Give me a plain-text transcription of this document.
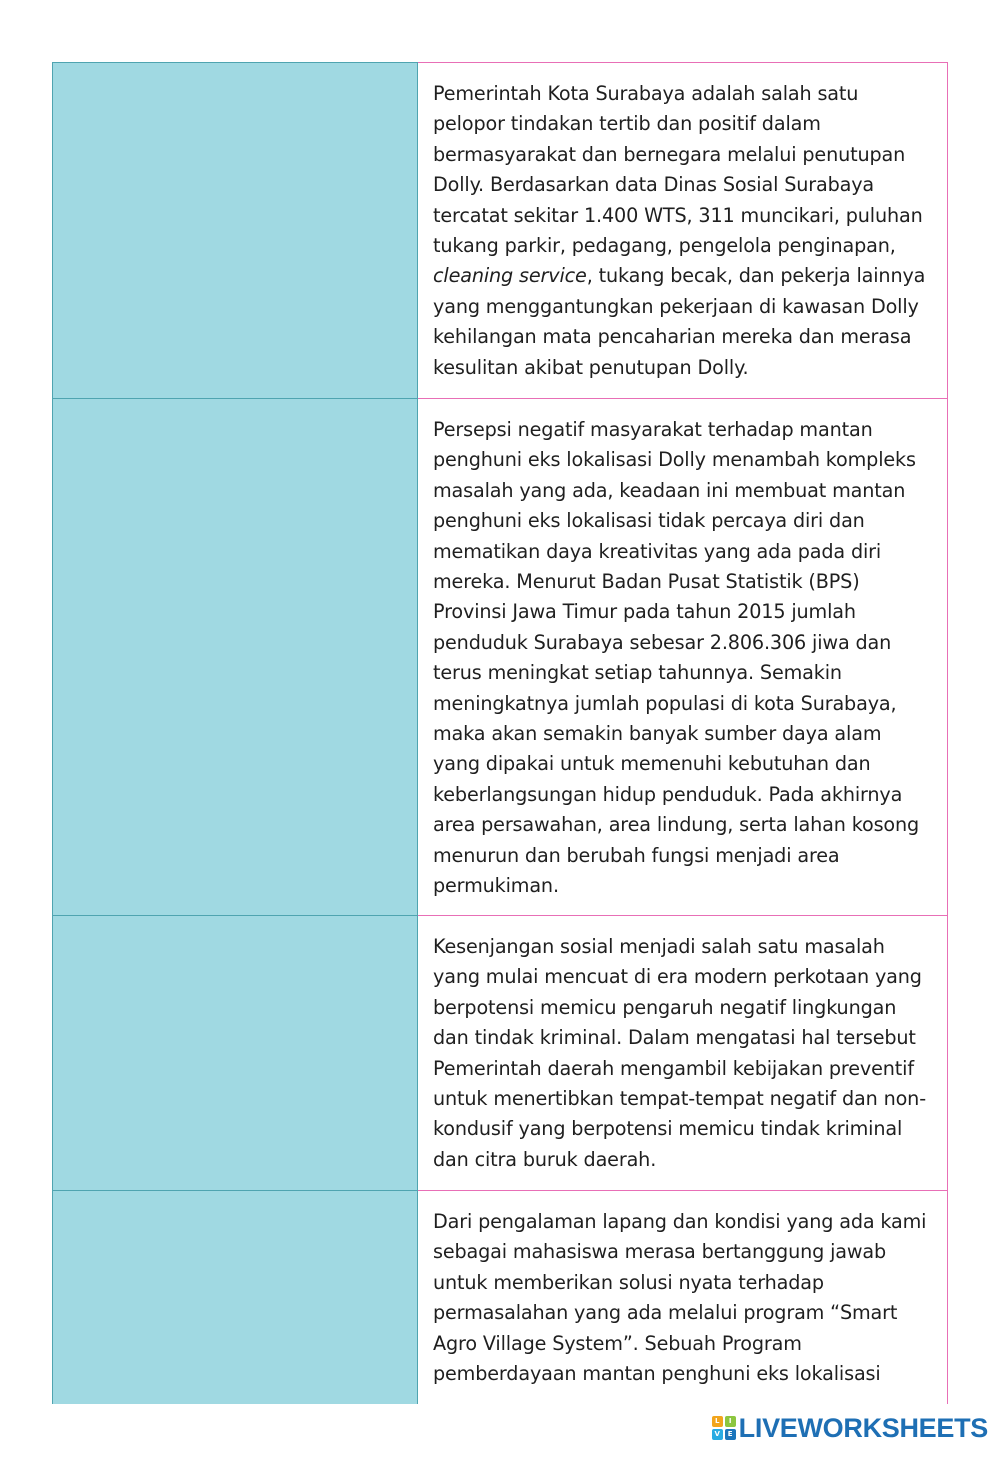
Pemerintah Kota Surabaya adalah salah satu pelopor tindakan tertib dan positif dalam bermasyarakat dan bernegara melalui penutupan Dolly. Berdasarkan data Dinas Sosial Surabaya tercatat sekitar 1.400 WTS, 311 muncikari, puluhan tukang parkir, pedagang, pengelola penginapan, cleaning service, tukang becak, dan pekerja lainnya yang menggantungkan pekerjaan di kawasan Dolly kehilangan mata pencaharian mereka dan merasa kesulitan akibat penutupan Dolly.

Persepsi negatif masyarakat terhadap mantan penghuni eks lokalisasi Dolly menambah kompleks masalah yang ada, keadaan ini membuat mantan penghuni eks lokalisasi tidak percaya diri dan mematikan daya kreativitas yang ada pada diri mereka. Menurut Badan Pusat Statistik (BPS) Provinsi Jawa Timur pada tahun 2015 jumlah penduduk Surabaya sebesar 2.806.306 jiwa dan terus meningkat setiap tahunnya. Semakin meningkatnya jumlah populasi di kota Surabaya, maka akan semakin banyak sumber daya alam yang dipakai untuk memenuhi kebutuhan dan keberlangsungan hidup penduduk. Pada akhirnya area persawahan, area lindung, serta lahan kosong menurun dan berubah fungsi menjadi area permukiman.

Kesenjangan sosial menjadi salah satu masalah yang mulai mencuat di era modern perkotaan yang berpotensi memicu pengaruh negatif lingkungan dan tindak kriminal. Dalam mengatasi hal tersebut Pemerintah daerah mengambil kebijakan preventif untuk menertibkan tempat-tempat negatif dan non-kondusif yang berpotensi memicu tindak kriminal dan citra buruk daerah.

Dari pengalaman lapang dan kondisi yang ada kami sebagai mahasiswa merasa bertanggung jawab untuk memberikan solusi nyata terhadap permasalahan yang ada melalui program “Smart Agro Village System”. Sebuah Program pemberdayaan mantan penghuni eks lokalisasi

L	I
V	E LIVEWORKSHEETS
